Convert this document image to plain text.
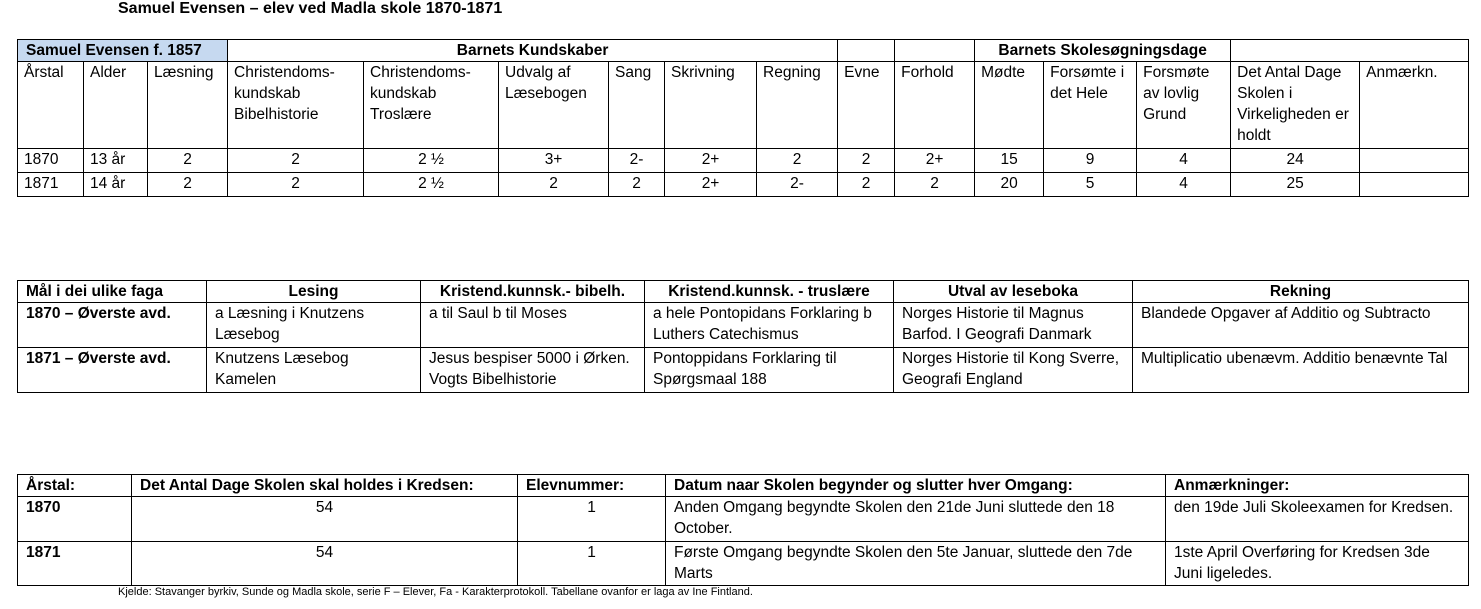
Samuel Evensen – elev ved Madla skole 1870-1871
Samuel Evensen f. 1857			Barnets Kundskaber								Barnets Skolesøgningsdage				
Årstal	Alder	Læsning	Christendoms-kundskab Bibelhistorie	Christendoms-kundskab Troslære	Udvalg af Læsebogen	Sang	Skrivning	Regning	Evne	Forhold	Mødte	Forsømte i det Hele	Forsmøte av lovlig Grund	Det Antal Dage Skolen i Virkeligheden er holdt	Anmærkn.
1870	13 år	2	2	2 ½	3+	2-	2+	2	2	2+	15	9	4	24	
1871	14 år	2	2	2 ½	2	2	2+	2-	2	2	20	5	4	25	
Mål i dei ulike faga	Lesing	Kristend.kunnsk.- bibelh.	Kristend.kunnsk. - truslære	Utval av leseboka	Rekning
1870 – Øverste avd.	a Læsning i Knutzens Læsebog	a til Saul b til Moses	a hele Pontopidans Forklaring b Luthers Catechismus	Norges Historie til Magnus Barfod. I Geografi Danmark	Blandede Opgaver af Additio og Subtracto
1871 – Øverste avd.	Knutzens Læsebog Kamelen	Jesus bespiser 5000 i Ørken. Vogts Bibelhistorie	Pontoppidans Forklaring til Spørgsmaal 188	Norges Historie til Kong Sverre, Geografi England	Multiplicatio ubenævm. Additio benævnte Tal
Årstal:	Det Antal Dage Skolen skal holdes i Kredsen:	Elevnummer:	Datum naar Skolen begynder og slutter hver Omgang:	Anmærkninger:
1870	54	1	Anden Omgang begyndte Skolen den 21de Juni sluttede den 18 October.	den 19de Juli Skoleexamen for Kredsen.
1871	54	1	Første Omgang begyndte Skolen den 5te Januar, sluttede den 7de Marts	1ste April Overføring for Kredsen 3de Juni ligeledes.
Kjelde: Stavanger byrkiv, Sunde og Madla skole, serie F – Elever, Fa - Karakterprotokoll. Tabellane ovanfor er laga av Ine Fintland.
